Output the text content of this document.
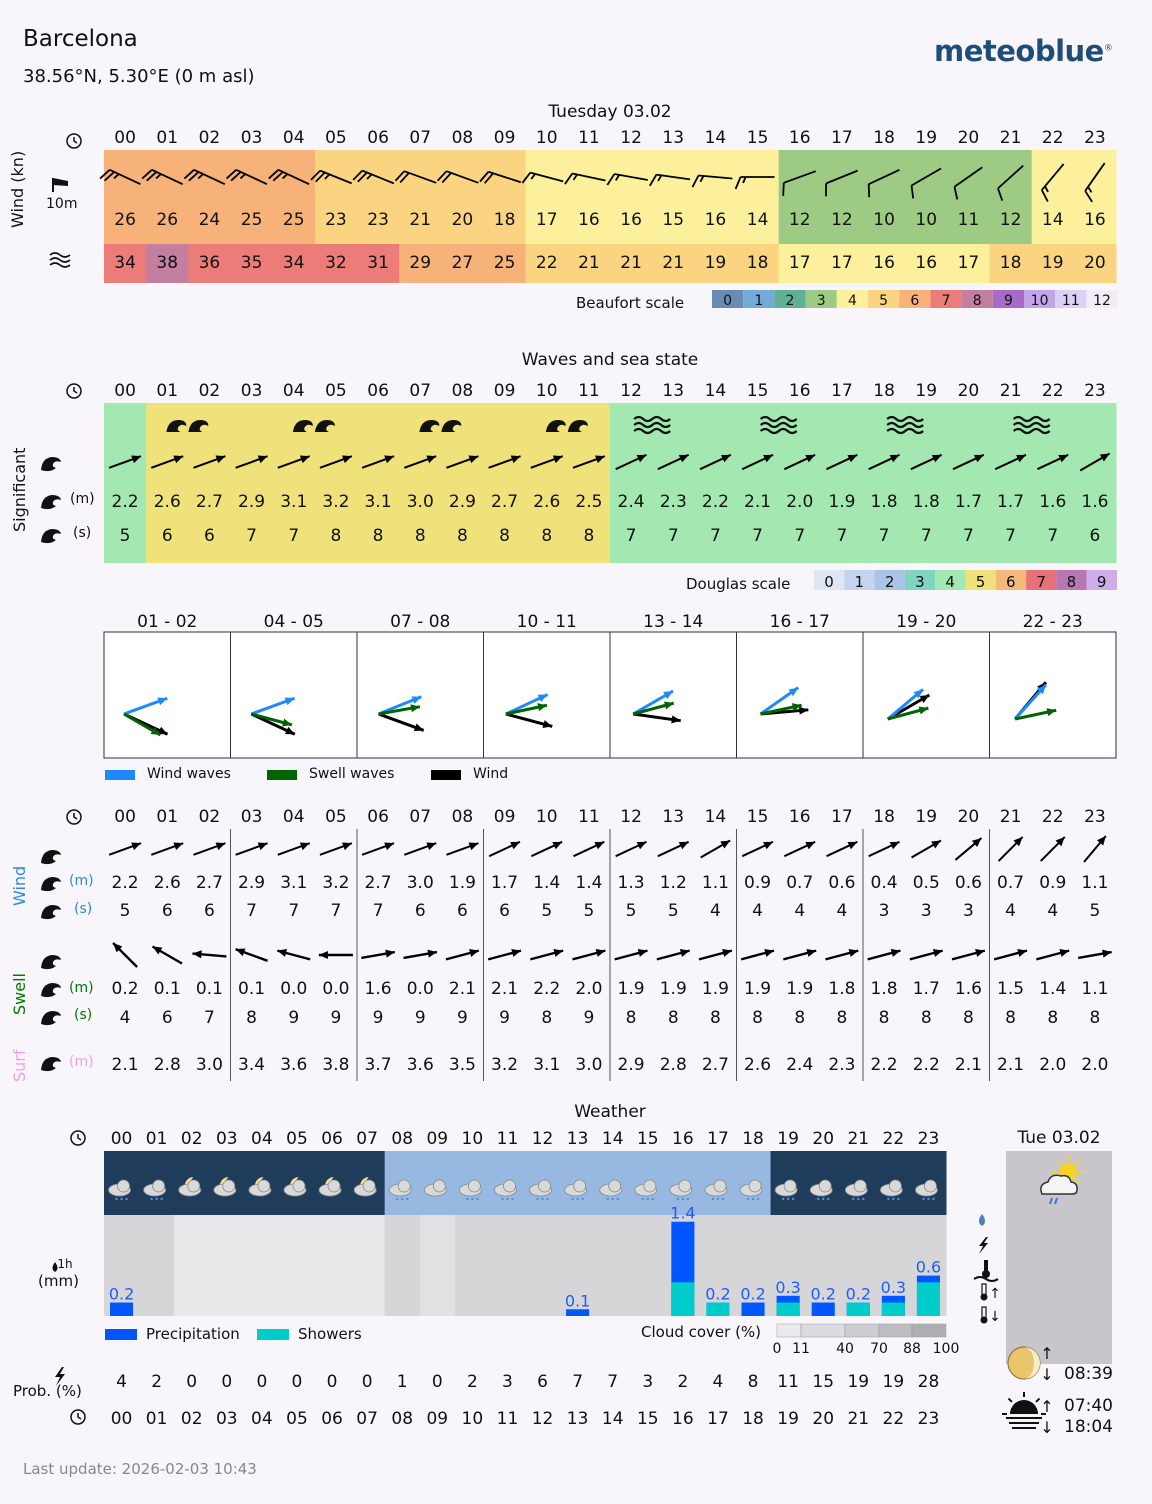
Barcelona
38.56°N, 5.30°E (0 m asl)
meteoblue®
Tuesday 03.02
Waves and sea state
Weather
Wind (kn) 10m
Significant	(m)
(s)
Wind
Swell
Surf
(m)
(s)
(m)
(s)
(m)
(mm)
Prob. (%)
Beaufort scale
Douglas scale
Wind waves	Swell waves	Wind
Precipitation	Showers	Cloud cover (%)
Tue 03.02
08:39
07:40
18:04
Last update: 2026-02-03 10:43
00 01 02 03 04 05 06 07 08 09 10 11 12 13 14 15 16 17 18 19 20 21 22 23
26 26 24 25 25 23 23 21 20 18 17 16 16 15 16 14 12 12 10 10 11 12 14 16
34 38 36 35 34 32 31 29 27 25 22 21 21 21 19 18 17 17 16 16 17 18 19 20
0 1 2 3 4 5 6 7 8 9 10 11 12
00 01 02 03 04 05 06 07 08 09 10 11 12 13 14 15 16 17 18 19 20 21 22 23
2.2 2.6 2.7 2.9 3.1 3.2 3.1 3.0 2.9 2.7 2.6 2.5 2.4 2.3 2.2 2.1 2.0 1.9 1.8 1.8 1.7 1.7 1.6 1.6
5 6 6 7 7 8 8 8 8 8 8 8 7 7 7 7 7 7 7 7 7 7 7 6
0 1 2 3 4 5 6 7 8 9
01 - 02	04 - 05	07 - 08	10 - 11	13 - 14	16 - 17	19 - 20	22 - 23
00 01 02 03 04 05 06 07 08 09 10 11 12 13 14 15 16 17 18 19 20 21 22 23
2.2 2.6 2.7 2.9 3.1 3.2 2.7 3.0 1.9 1.7 1.4 1.4 1.3 1.2 1.1 0.9 0.7 0.6 0.4 0.5 0.6 0.7 0.9 1.1
5 6 6 7 7 7 7 6 6 6 5 5 5 5 4 4 4 4 3 3 3 4 4 5
0.2 0.1 0.1 0.1 0.0 0.0 1.6 0.0 2.1 2.1 2.2 2.0 1.9 1.9 1.9 1.9 1.9 1.8 1.8 1.7 1.6 1.5 1.4 1.1
4 6 7 8 9 9 9 9 9 9 8 9 8 8 8 8 8 8 8 8 8 8 8 8
2.1 2.8 3.0 3.4 3.6 3.8 3.7 3.6 3.5 3.2 3.1 3.0 2.9 2.8 2.7 2.6 2.4 2.3 2.2 2.2 2.1 2.1 2.0 2.0
00 01 02 03 04 05 06 07 08 09 10 11 12 13 14 15 16 17 18 19 20 21 22 23
0.2	0.1
1.4
0.2 0.2 0.3 0.2 0.2 0.3
0.6
1h
0 11 40 70 88 100
4 2 0 0 0 0 0 0 1 0 2 3 6 7 7 3 2 4 8 11 15 19 19 28
00 01 02 03 04 05 06 07 08 09 10 11 12 13 14 15 16 17 18 19 20 21 22 23
↑
↓
↑
↓
↑
↓
